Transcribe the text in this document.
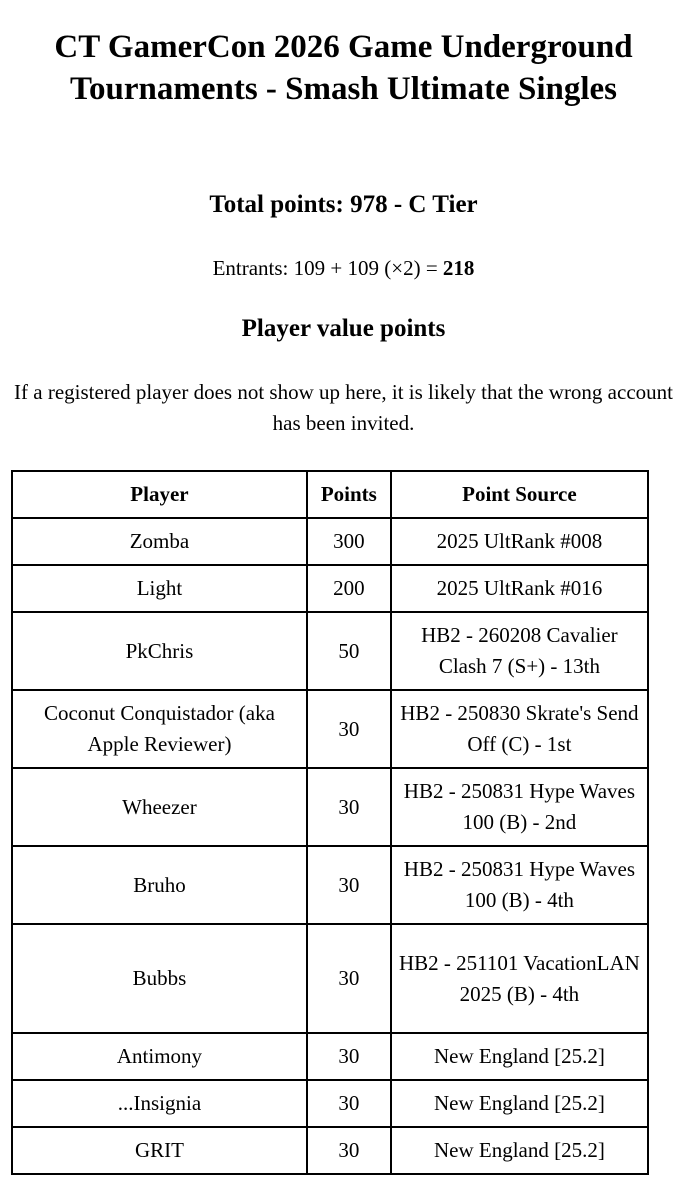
CT GamerCon 2026 Game Underground Tournaments - Smash Ultimate Singles
Total points: 978 - C Tier
Entrants: 109 + 109 (×2) = 218
Player value points
If a registered player does not show up here, it is likely that the wrong account has been invited.
Player	Points	Point Source
Zomba	300	2025 UltRank #008
Light	200	2025 UltRank #016
PkChris	50	HB2 - 260208 Cavalier Clash 7 (S+) - 13th
Coconut Conquistador (aka Apple Reviewer)	30	HB2 - 250830 Skrate's Send Off (C) - 1st
Wheezer	30	HB2 - 250831 Hype Waves 100 (B) - 2nd
Bruho	30	HB2 - 250831 Hype Waves 100 (B) - 4th
Bubbs	30	HB2 - 251101 VacationLAN 2025 (B) - 4th
Antimony	30	New England [25.2]
...Insignia	30	New England [25.2]
GRIT	30	New England [25.2]
